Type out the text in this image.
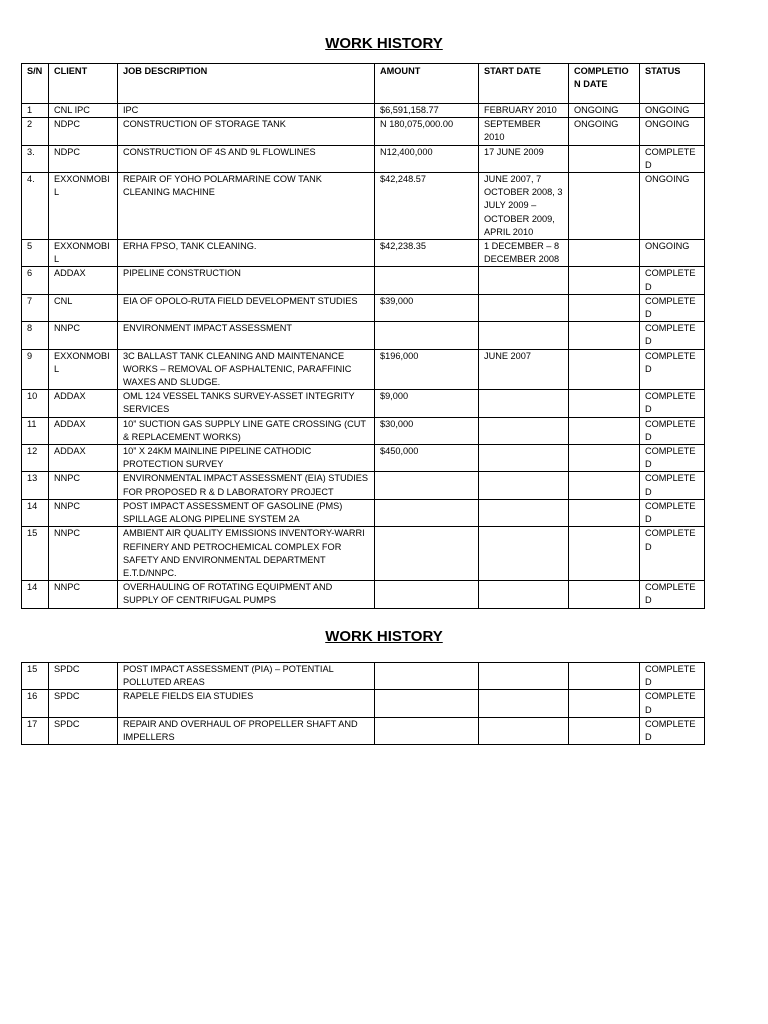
WORK HISTORY
S/N	CLIENT	JOB DESCRIPTION	AMOUNT	START DATE	COMPLETION DATE	STATUS
1	CNL IPC	IPC	$6,591,158.77	FEBRUARY 2010	ONGOING	ONGOING
2	NDPC	CONSTRUCTION OF STORAGE TANK	N 180,075,000.00	SEPTEMBER 2010	ONGOING	ONGOING
3.	NDPC	CONSTRUCTION OF 4S AND 9L FLOWLINES	N12,400,000	17 JUNE 2009		COMPLETED
4.	EXXONMOBIL	REPAIR OF YOHO POLARMARINE COW TANK CLEANING MACHINE	$42,248.57	JUNE 2007, 7 OCTOBER 2008, 3 JULY 2009 – OCTOBER 2009, APRIL 2010		ONGOING
5	EXXONMOBIL	ERHA FPSO, TANK CLEANING.	$42,238.35	1 DECEMBER – 8 DECEMBER 2008		ONGOING
6	ADDAX	PIPELINE CONSTRUCTION				COMPLETED
7	CNL	EIA OF OPOLO-RUTA FIELD DEVELOPMENT STUDIES	$39,000			COMPLETED
8	NNPC	ENVIRONMENT IMPACT ASSESSMENT				COMPLETED
9	EXXONMOBIL	3C BALLAST TANK CLEANING AND MAINTENANCE WORKS – REMOVAL OF ASPHALTENIC, PARAFFINIC WAXES AND SLUDGE.	$196,000	JUNE 2007		COMPLETED
10	ADDAX	OML 124 VESSEL TANKS SURVEY-ASSET INTEGRITY SERVICES	$9,000			COMPLETED
11	ADDAX	10” SUCTION GAS SUPPLY LINE GATE CROSSING (CUT & REPLACEMENT WORKS)	$30,000			COMPLETED
12	ADDAX	10” X 24KM MAINLINE PIPELINE CATHODIC PROTECTION SURVEY	$450,000			COMPLETED
13	NNPC	ENVIRONMENTAL IMPACT ASSESSMENT (EIA) STUDIES FOR PROPOSED R & D LABORATORY PROJECT				COMPLETED
14	NNPC	POST IMPACT ASSESSMENT OF GASOLINE (PMS) SPILLAGE ALONG PIPELINE SYSTEM 2A				COMPLETED
15	NNPC	AMBIENT AIR QUALITY EMISSIONS INVENTORY-WARRI REFINERY AND PETROCHEMICAL COMPLEX FOR SAFETY AND ENVIRONMENTAL DEPARTMENT E.T.D/NNPC.				COMPLETED
14	NNPC	OVERHAULING OF ROTATING EQUIPMENT AND SUPPLY OF CENTRIFUGAL PUMPS				COMPLETED
WORK HISTORY
15	SPDC	POST IMPACT ASSESSMENT (PIA) – POTENTIAL POLLUTED AREAS				COMPLETED
16	SPDC	RAPELE FIELDS EIA STUDIES				COMPLETED
17	SPDC	REPAIR AND OVERHAUL OF PROPELLER SHAFT AND IMPELLERS				COMPLETED
